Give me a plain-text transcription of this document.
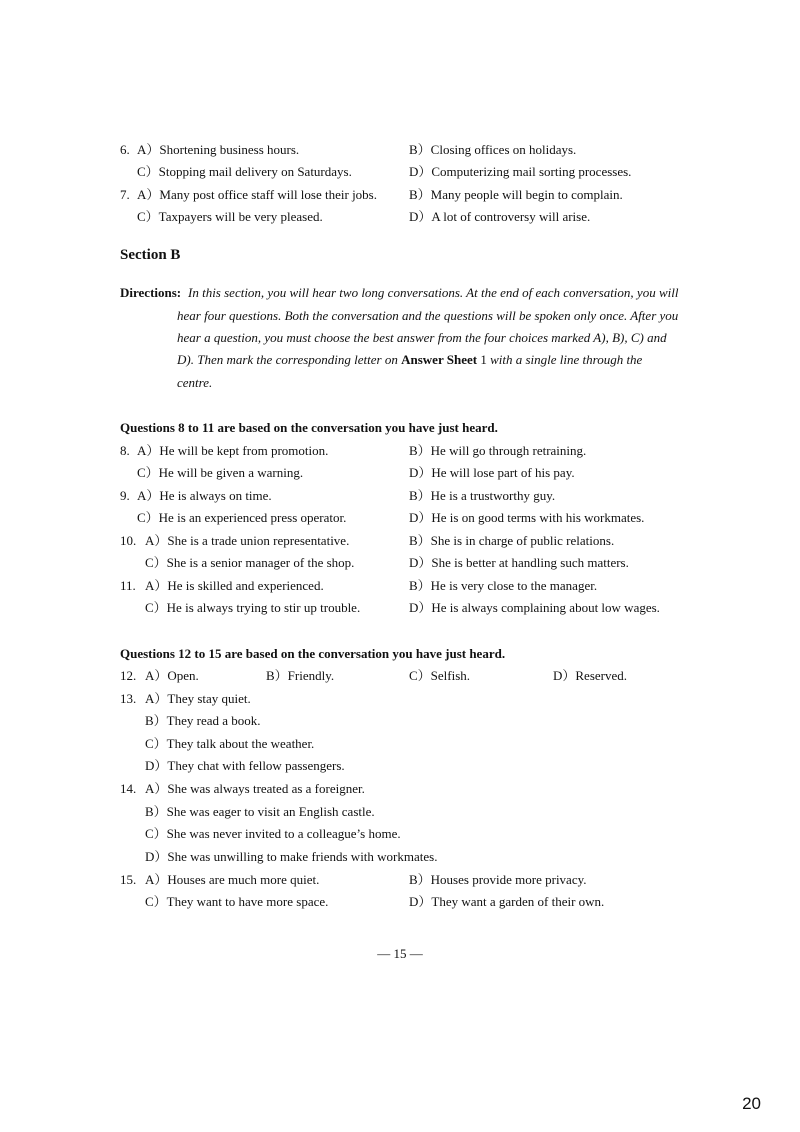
6. A）Shortening business hours.	B）Closing offices on holidays.
C）Stopping mail delivery on Saturdays.	D）Computerizing mail sorting processes.
7. A）Many post office staff will lose their jobs. B）Many people will begin to complain.
C）Taxpayers will be very pleased.	D）A lot of controversy will arise.
Section B
Directions: In this section, you will hear two long conversations. At the end of each conversation, you will
hear four questions. Both the conversation and the questions will be spoken only once. After you
hear a question, you must choose the best answer from the four choices marked A), B), C) and
D). Then mark the corresponding letter on Answer Sheet 1 with a single line through the
centre.
Questions 8 to 11 are based on the conversation you have just heard.
8. A）He will be kept from promotion.	B）He will go through retraining.
C）He will be given a warning.	D）He will lose part of his pay.
9. A）He is always on time.	B）He is a trustworthy guy.
C）He is an experienced press operator.	D）He is on good terms with his workmates.
10. A）She is a trade union representative.	B）She is in charge of public relations.
C）She is a senior manager of the shop.	D）She is better at handling such matters.
11. A）He is skilled and experienced.	B）He is very close to the manager.
C）He is always trying to stir up trouble.	D）He is always complaining about low wages.
Questions 12 to 15 are based on the conversation you have just heard.
12. A）Open.	B）Friendly.	C）Selfish.	D）Reserved.
13. A）They stay quiet.
B）They read a book.
C）They talk about the weather.
D）They chat with fellow passengers.
14. A）She was always treated as a foreigner.
B）She was eager to visit an English castle.
C）She was never invited to a colleague’s home.
D）She was unwilling to make friends with workmates.
15. A）Houses are much more quiet.	B）Houses provide more privacy.
C）They want to have more space.	D）They want a garden of their own.
— 15 —
20
